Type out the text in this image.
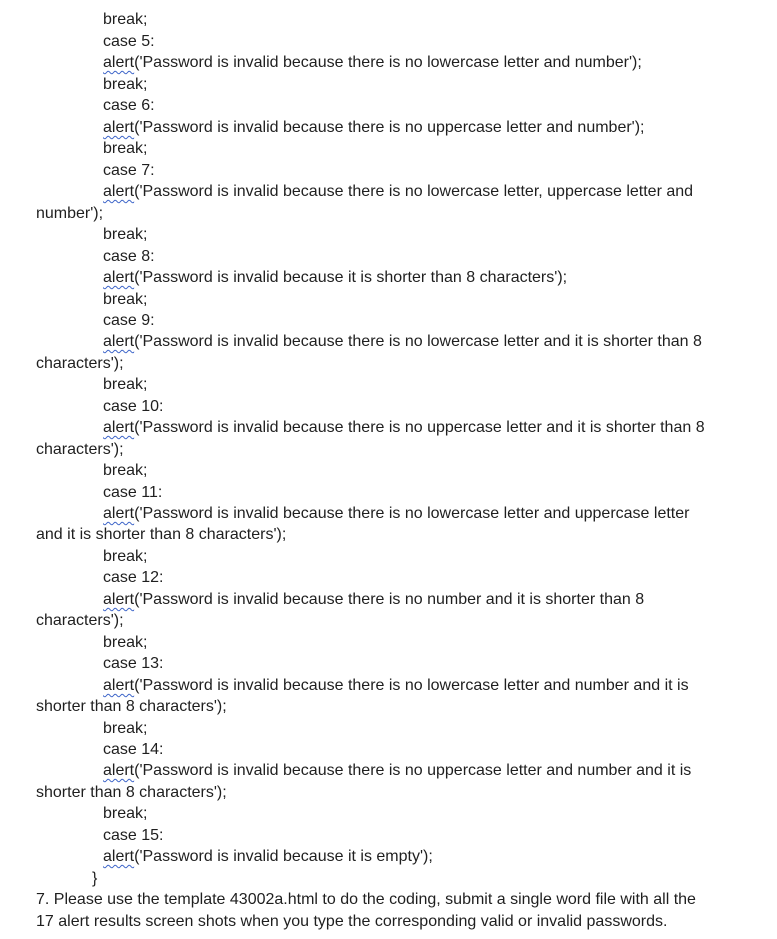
break;
case 5:
alert('Password is invalid because there is no lowercase letter and number');
break;
case 6:
alert('Password is invalid because there is no uppercase letter and number');
break;
case 7:
alert('Password is invalid because there is no lowercase letter, uppercase letter and
number');
break;
case 8:
alert('Password is invalid because it is shorter than 8 characters');
break;
case 9:
alert('Password is invalid because there is no lowercase letter and it is shorter than 8
characters');
break;
case 10:
alert('Password is invalid because there is no uppercase letter and it is shorter than 8
characters');
break;
case 11:
alert('Password is invalid because there is no lowercase letter and uppercase letter
and it is shorter than 8 characters');
break;
case 12:
alert('Password is invalid because there is no number and it is shorter than 8
characters');
break;
case 13:
alert('Password is invalid because there is no lowercase letter and number and it is
shorter than 8 characters');
break;
case 14:
alert('Password is invalid because there is no uppercase letter and number and it is
shorter than 8 characters');
break;
case 15:
alert('Password is invalid because it is empty');
}
7. Please use the template 43002a.html to do the coding, submit a single word file with all the
17 alert results screen shots when you type the corresponding valid or invalid passwords.
